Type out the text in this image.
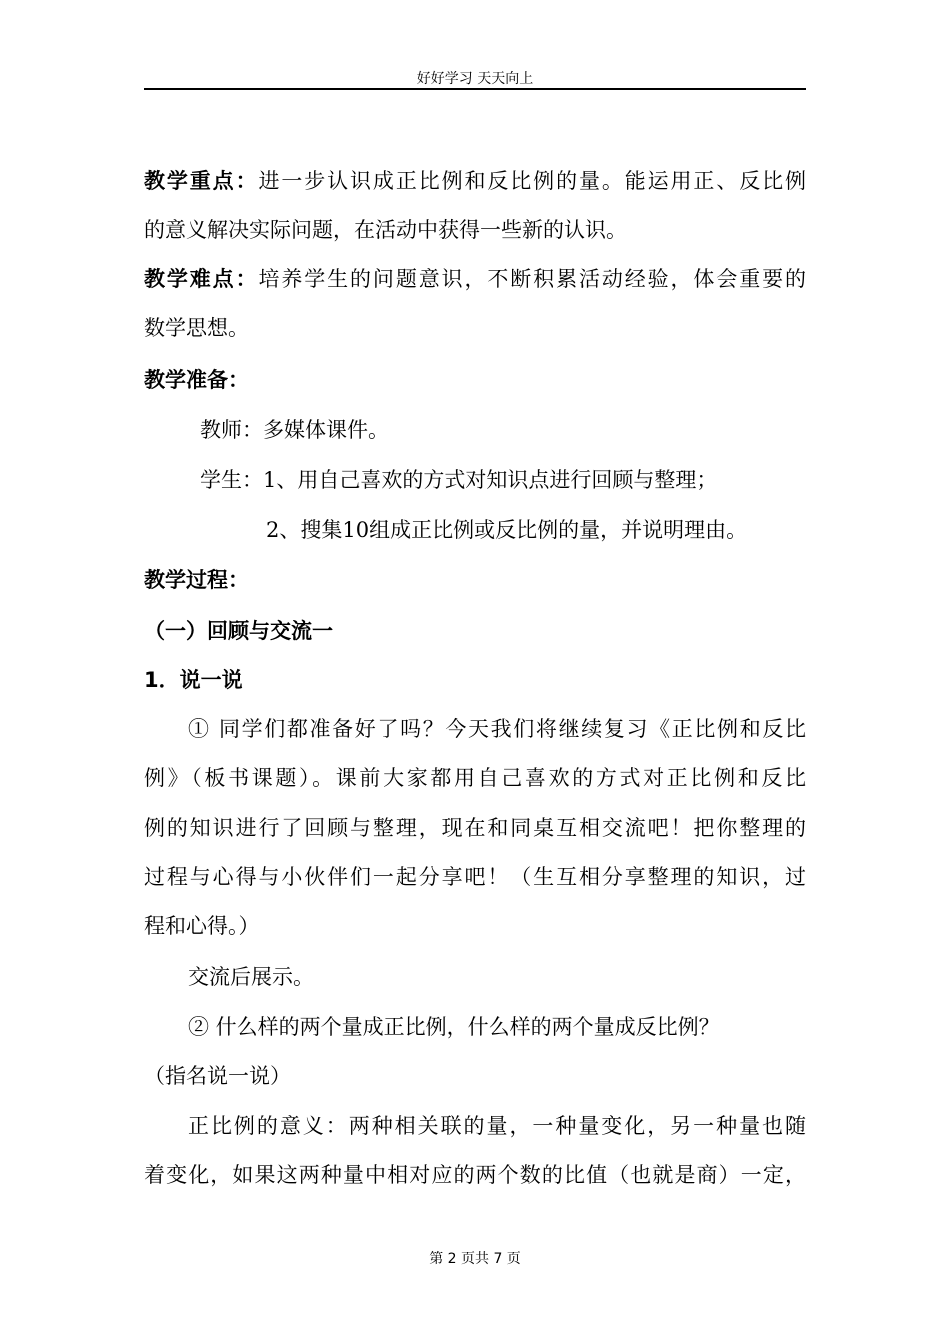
好好学习 天天向上
教学重点：进一步认识成正比例和反比例的量。能运用正、反比例
的意义解决实际问题，在活动中获得一些新的认识。
教学难点：培养学生的问题意识，不断积累活动经验，体会重要的
数学思想。
教学准备：
教师：多媒体课件。
学生：1、用自己喜欢的方式对知识点进行回顾与整理；
2、搜集10组成正比例或反比例的量，并说明理由。
教学过程：
（一）回顾与交流一
1．说一说
① 同学们都准备好了吗？今天我们将继续复习《正比例和反比
例》（板书课题）。课前大家都用自己喜欢的方式对正比例和反比
例的知识进行了回顾与整理，现在和同桌互相交流吧！把你整理的
过程与心得与小伙伴们一起分享吧！（生互相分享整理的知识，过
程和心得。）
交流后展示。
② 什么样的两个量成正比例，什么样的两个量成反比例？
（指名说一说）
正比例的意义：两种相关联的量，一种量变化，另一种量也随
着变化，如果这两种量中相对应的两个数的比值（也就是商）一定，
第 2 页共 7 页
